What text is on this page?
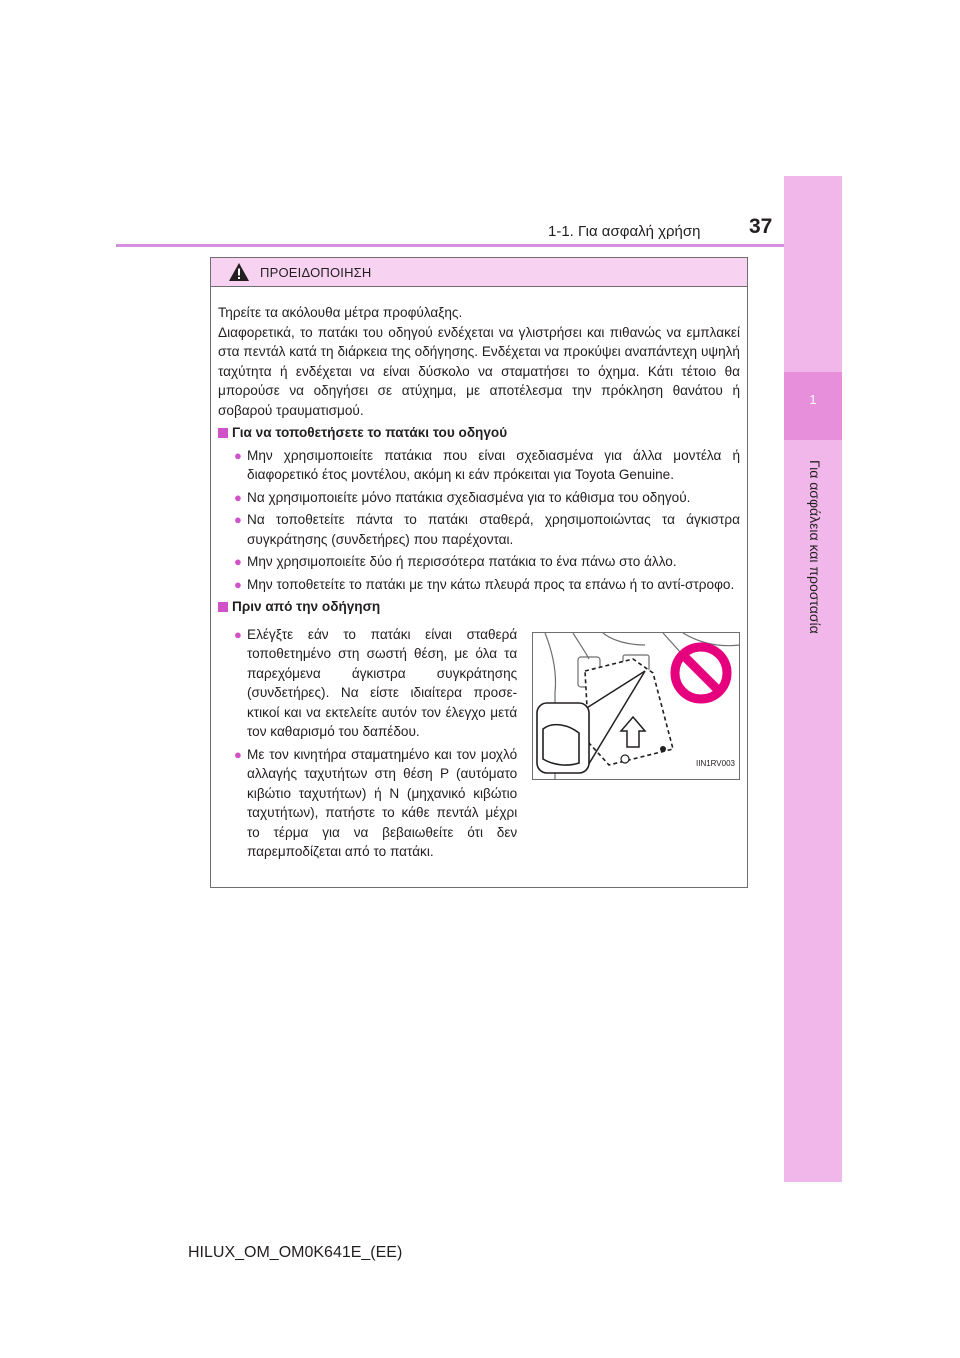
1
Για ασφάλεια και προστασία
1-1. Για ασφαλή χρήση 37
ΠΡΟΕΙΔΟΠΟΙΗΣΗ

Τηρείτε τα ακόλουθα μέτρα προφύλαξης.

Διαφορετικά, το πατάκι του οδηγού ενδέχεται να γλιστρήσει και πιθανώς να εμπλακεί στα πεντάλ κατά τη διάρκεια της οδήγησης. Ενδέχεται να προκύψει αναπάντεχη υψηλή ταχύτητα ή ενδέχεται να είναι δύσκολο να σταματήσει το όχημα. Κάτι τέτοιο θα μπορούσε να οδηγήσει σε ατύχημα, με αποτέλεσμα την πρόκληση θανάτου ή σοβαρού τραυματισμού.

Για να τοποθετήσετε το πατάκι του οδηγού
● Μην χρησιμοποιείτε πατάκια που είναι σχεδιασμένα για άλλα μοντέλα ή διαφορετικό έτος μοντέλου, ακόμη κι εάν πρόκειται για Toyota Genuine.
● Να χρησιμοποιείτε μόνο πατάκια σχεδιασμένα για το κάθισμα του οδηγού.
● Να τοποθετείτε πάντα το πατάκι σταθερά, χρησιμοποιώντας τα άγκιστρα συγκράτησης (συνδετήρες) που παρέχονται.
● Μην χρησιμοποιείτε δύο ή περισσότερα πατάκια το ένα πάνω στο άλλο.
● Μην τοποθετείτε το πατάκι με την κάτω πλευρά προς τα επάνω ή το αντί-στροφο.
Πριν από την οδήγηση
● Ελέγξτε εάν το πατάκι είναι σταθερά τοποθετημένο στη σωστή θέση, με όλα τα παρεχόμενα άγκιστρα συγκράτησης (συνδετήρες). Να είστε ιδιαίτερα προσε-κτικοί και να εκτελείτε αυτόν τον έλεγχο μετά τον καθαρισμό του δαπέδου.
● Με τον κινητήρα σταματημένο και τον μοχλό αλλαγής ταχυτήτων στη θέση P (αυτόματο κιβώτιο ταχυτήτων) ή N (μηχανικό κιβώτιο ταχυτήτων), πατήστε το κάθε πεντάλ μέχρι το τέρμα για να βεβαιωθείτε ότι δεν παρεμποδίζεται από το πατάκι.
IIN1RV003
HILUX_OM_OM0K641E_(EE)
